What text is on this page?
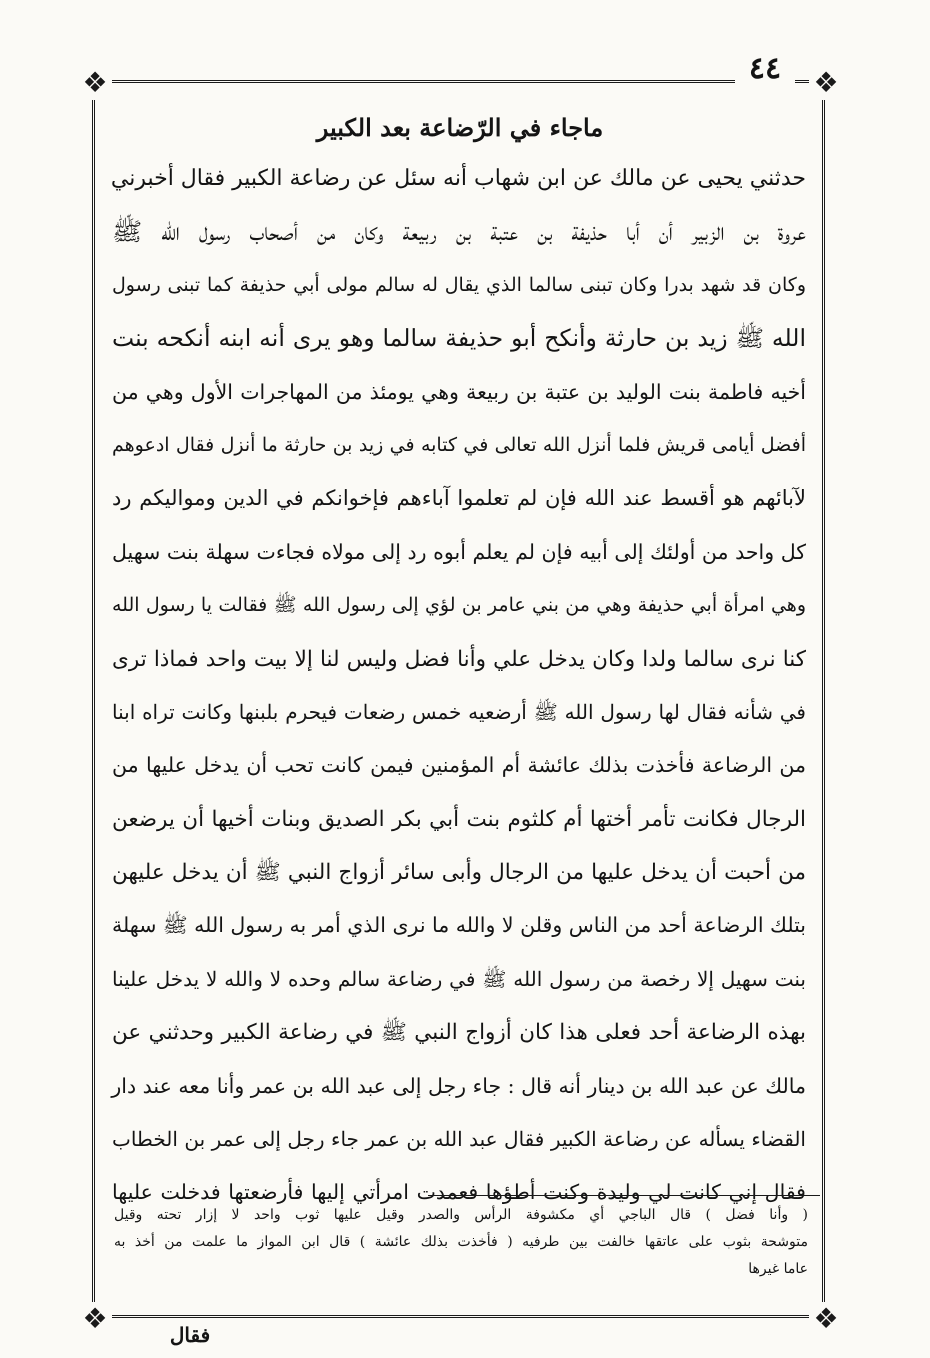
❖	❖
❖	❖
٤٤
ماجاء في الرّضاعة بعد الكبير
حدثني يحيى عن مالك عن ابن شهاب أنه سئل عن رضاعة الكبير فقال أخبرني
عروة بن الزبير أن أبا حذيفة بن عتبة بن ربيعة وكان من أصحاب رسول الله ﷺ
وكان قد شهد بدرا وكان تبنى سالما الذي يقال له سالم مولى أبي حذيفة كما تبنى رسول
الله ﷺ زيد بن حارثة وأنكح أبو حذيفة سالما وهو يرى أنه ابنه أنكحه بنت
أخيه فاطمة بنت الوليد بن عتبة بن ربيعة وهي يومئذ من المهاجرات الأول وهي من
أفضل أيامى قريش فلما أنزل الله تعالى في كتابه في زيد بن حارثة ما أنزل فقال ادعوهم
لآبائهم هو أقسط عند الله فإن لم تعلموا آباءهم فإخوانكم في الدين ومواليكم رد
كل واحد من أولئك إلى أبيه فإن لم يعلم أبوه رد إلى مولاه فجاءت سهلة بنت سهيل
وهي امرأة أبي حذيفة وهي من بني عامر بن لؤي إلى رسول الله ﷺ فقالت يا رسول الله
كنا نرى سالما ولدا وكان يدخل علي وأنا فضل وليس لنا إلا بيت واحد فماذا ترى
في شأنه فقال لها رسول الله ﷺ أرضعيه خمس رضعات فيحرم بلبنها وكانت تراه ابنا
من الرضاعة فأخذت بذلك عائشة أم المؤمنين فيمن كانت تحب أن يدخل عليها من
الرجال فكانت تأمر أختها أم كلثوم بنت أبي بكر الصديق وبنات أخيها أن يرضعن
من أحبت أن يدخل عليها من الرجال وأبى سائر أزواج النبي ﷺ أن يدخل عليهن
بتلك الرضاعة أحد من الناس وقلن لا والله ما نرى الذي أمر به رسول الله ﷺ سهلة
بنت سهيل إلا رخصة من رسول الله ﷺ في رضاعة سالم وحده لا والله لا يدخل علينا
بهذه الرضاعة أحد فعلى هذا كان أزواج النبي ﷺ في رضاعة الكبير وحدثني عن
مالك عن عبد الله بن دينار أنه قال : جاء رجل إلى عبد الله بن عمر وأنا معه عند دار
القضاء يسأله عن رضاعة الكبير فقال عبد الله بن عمر جاء رجل إلى عمر بن الخطاب
فقال إني كانت لي وليدة وكنت أطؤها فعمدت امرأتي إليها فأرضعتها فدخلت عليها
( وأنا فضل ) قال الباجي أي مكشوفة الرأس والصدر وقيل عليها ثوب واحد لا إزار تحته وقيل
متوشحة بثوب على عاتقها خالفت بين طرفيه ( فأخذت بذلك عائشة ) قال ابن المواز ما علمت من أخذ به
عاما غيرها
فقال
